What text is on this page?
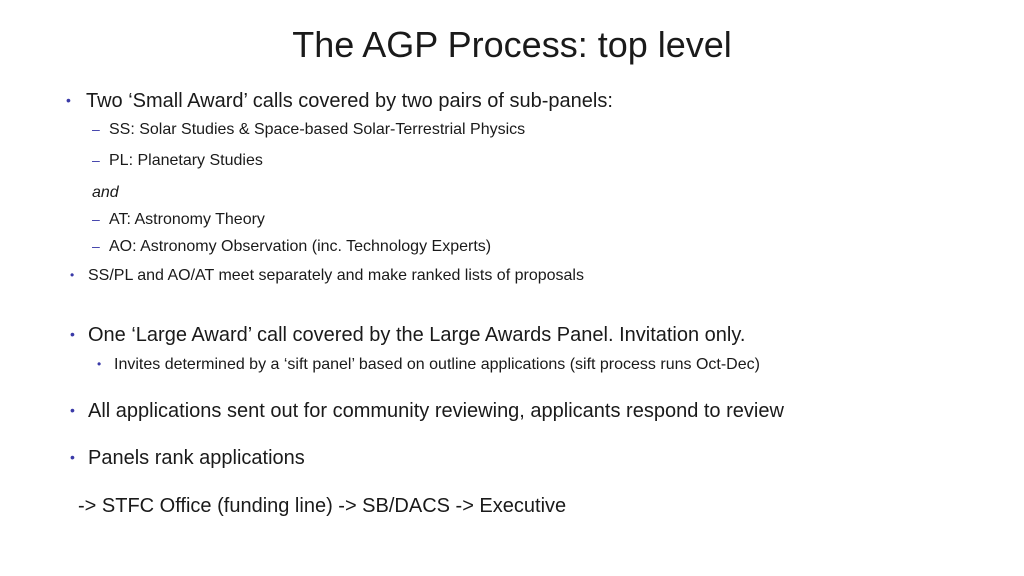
The AGP Process: top level
• Two ‘Small Award’ calls covered by two pairs of sub-panels:
– SS: Solar Studies & Space-based Solar-Terrestrial Physics
– PL: Planetary Studies
and
– AT: Astronomy Theory
– AO: Astronomy Observation (inc. Technology Experts)
• SS/PL and AO/AT meet separately and make ranked lists of proposals
• One ‘Large Award’ call covered by the Large Awards Panel. Invitation only.
• Invites determined by a ‘sift panel’ based on outline applications (sift process runs Oct-Dec)
• All applications sent out for community reviewing, applicants respond to review
• Panels rank applications
-> STFC Office (funding line) -> SB/DACS -> Executive
